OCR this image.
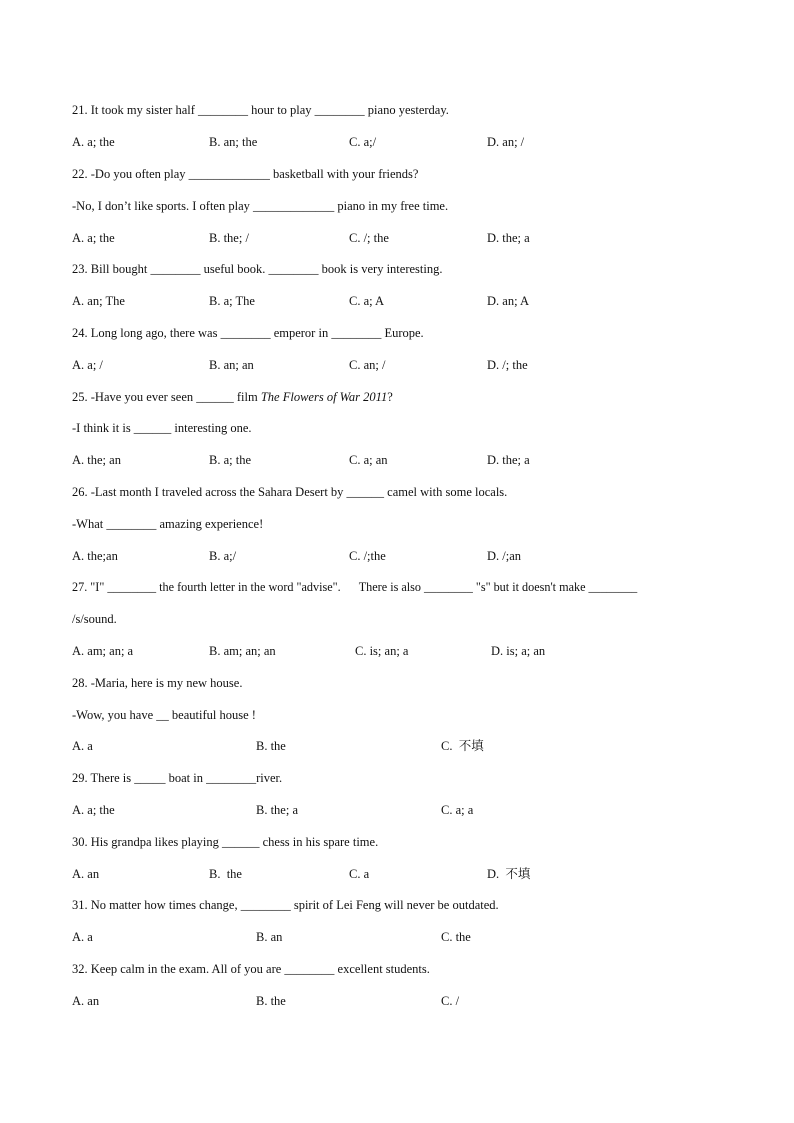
21. It took my sister half ________ hour to play ________ piano yesterday.
A. a; the	B. an; the	C. a;/	D. an; /
22. -Do you often play _____________ basketball with your friends?
-No, I don’t like sports. I often play _____________ piano in my free time.
A. a; the	B. the; /	C. /; the	D. the; a
23. Bill bought ________ useful book. ________ book is very interesting.
A. an; The	B. a; The	C. a; A	D. an; A
24. Long long ago, there was ________ emperor in ________ Europe.
A. a; /	B. an; an	C. an; /	D. /; the
25. -Have you ever seen ______ film The Flowers of War 2011?
-I think it is ______ interesting one.
A. the; an	B. a; the	C. a; an	D. the; a
26. -Last month I traveled across the Sahara Desert by ______ camel with some locals.
-What ________ amazing experience!
A. the;an	B. a;/	C. /;the	D. /;an
27. "I" ________ the fourth letter in the word "advise".      There is also ________ "s" but it doesn't make ________
/s/sound.
A. am; an; a	B. am; an; an	C. is; an; a	D. is; a; an
28. -Maria, here is my new house.
-Wow, you have __ beautiful house !
A. a	B. the	C.  不填
29. There is _____ boat in ________river.
A. a; the	B. the; a	C. a; a
30. His grandpa likes playing ______ chess in his spare time.
A. an	B.  the	C. a	D.  不填
31. No matter how times change, ________ spirit of Lei Feng will never be outdated.
A. a	B. an	C. the
32. Keep calm in the exam. All of you are ________ excellent students.
A. an	B. the	C. /
